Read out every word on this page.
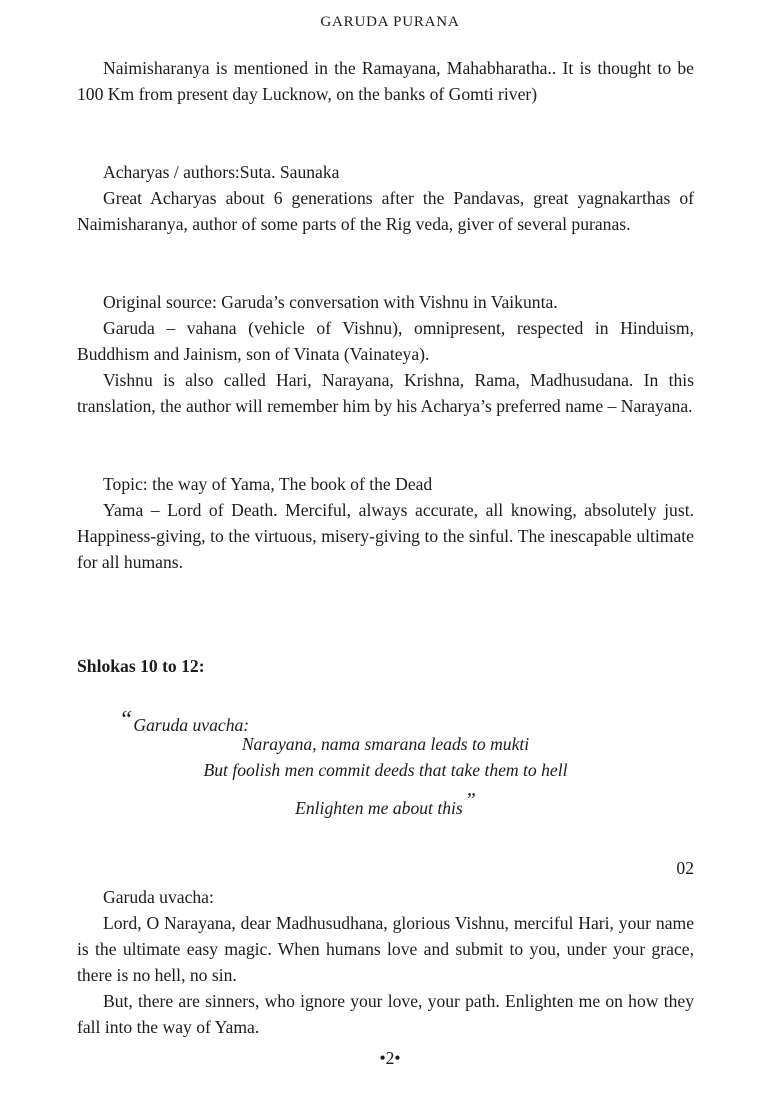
GARUDA PURANA

Naimisharanya is mentioned in the Ramayana, Mahabharatha.. It is thought to be 100 Km from present day Lucknow, on the banks of Gomti river)

Acharyas / authors:Suta. Saunaka

Great Acharyas about 6 generations after the Pandavas, great yagnakarthas of Naimisharanya, author of some parts of the Rig veda, giver of several puranas.

Original source: Garuda’s conversation with Vishnu in Vaikunta.

Garuda – vahana (vehicle of Vishnu), omnipresent, respected in Hinduism, Buddhism and Jainism, son of Vinata (Vainateya).

Vishnu is also called Hari, Narayana, Krishna, Rama, Madhusudana. In this translation, the author will remember him by his Acharya’s preferred name – Narayana.

Topic: the way of Yama, The book of the Dead

Yama – Lord of Death. Merciful, always accurate, all knowing, absolutely just. Happiness-giving, to the virtuous, misery-giving to the sinful. The inescapable ultimate for all humans.

Shlokas 10 to 12:
“Garuda uvacha:
Narayana, nama smarana leads to mukti
But foolish men commit deeds that take them to hell
Enlighten me about this ”
02

Garuda uvacha:

Lord, O Narayana, dear Madhusudhana, glorious Vishnu, merciful Hari, your name is the ultimate easy magic. When humans love and submit to you, under your grace, there is no hell, no sin.

But, there are sinners, who ignore your love, your path. Enlighten me on how they fall into the way of Yama.

•2•
